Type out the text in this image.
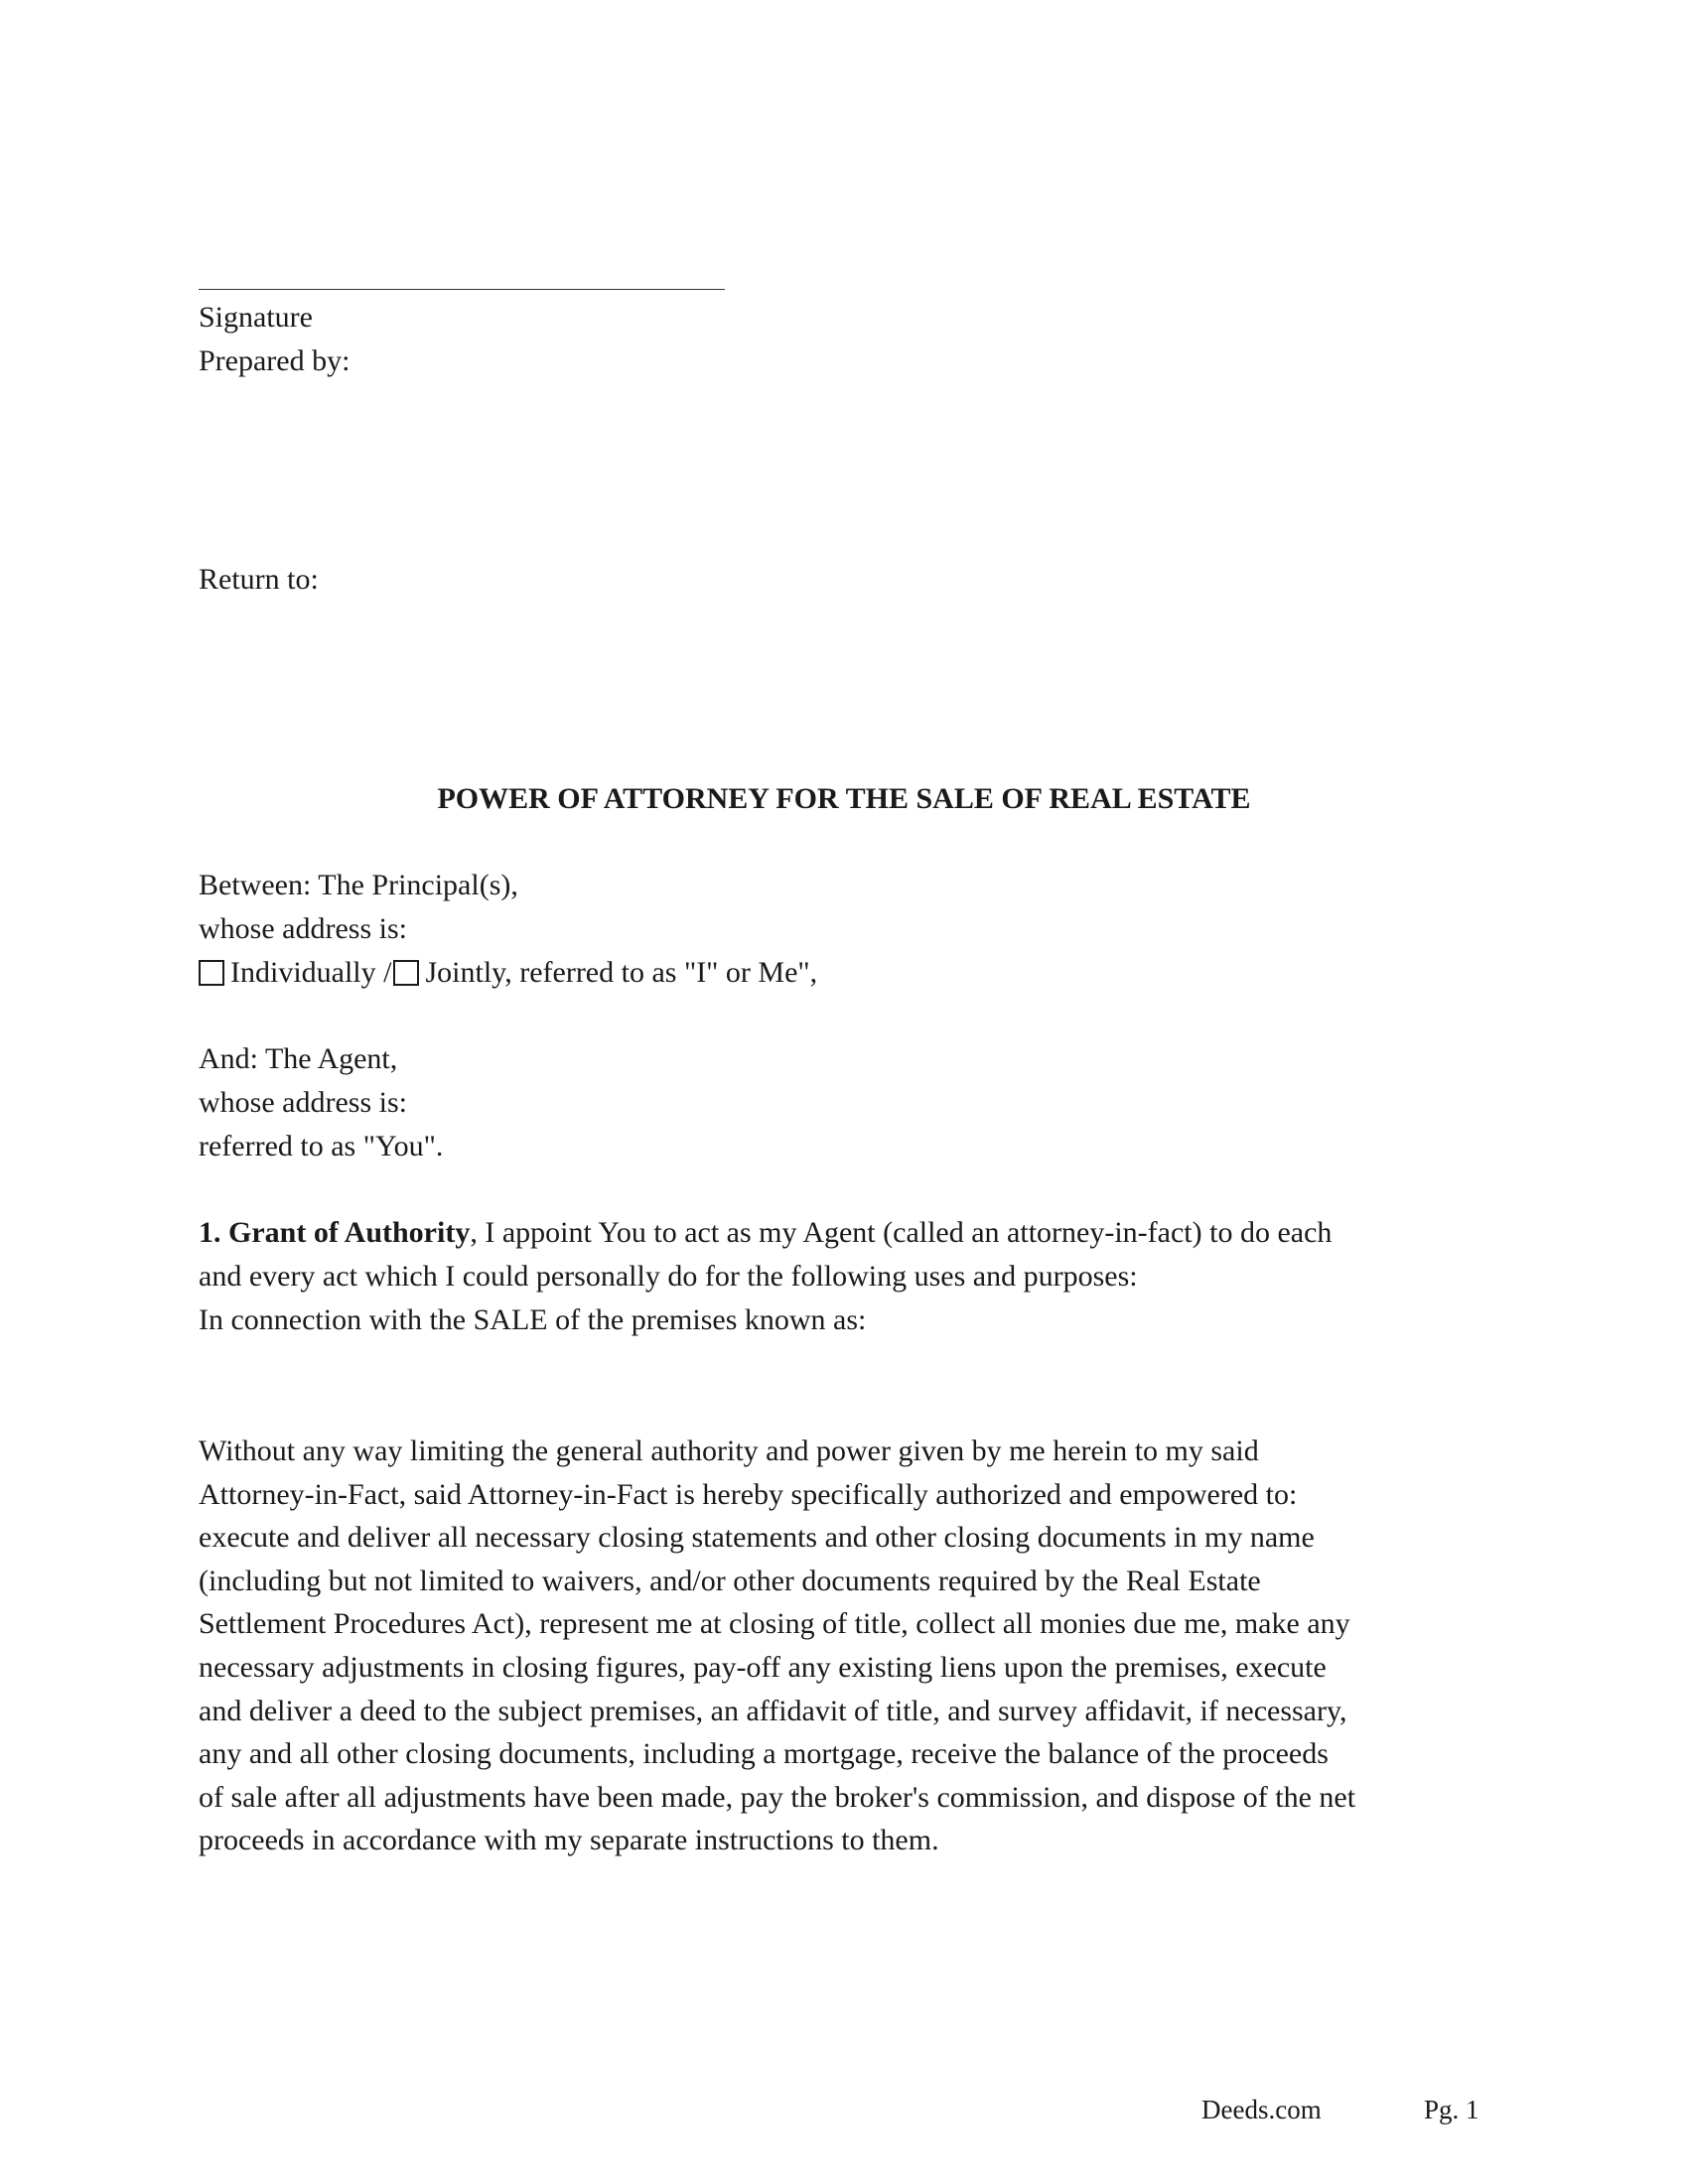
Signature
Prepared by:
Return to:
POWER OF ATTORNEY FOR THE SALE OF REAL ESTATE
Between: The Principal(s),
whose address is:
Individually / Jointly, referred to as "I" or Me",
And: The Agent,
whose address is:
referred to as "You".
1. Grant of Authority, I appoint You to act as my Agent (called an attorney-in-fact) to do each
and every act which I could personally do for the following uses and purposes:
In connection with the SALE of the premises known as:

Without any way limiting the general authority and power given by me herein to my said

Attorney-in-Fact, said Attorney-in-Fact is hereby specifically authorized and empowered to:

execute and deliver all necessary closing statements and other closing documents in my name

(including but not limited to waivers, and/or other documents required by the Real Estate

Settlement Procedures Act), represent me at closing of title, collect all monies due me, make any

necessary adjustments in closing figures, pay-off any existing liens upon the premises, execute

and deliver a deed to the subject premises, an affidavit of title, and survey affidavit, if necessary,

any and all other closing documents, including a mortgage, receive the balance of the proceeds

of sale after all adjustments have been made, pay the broker's commission, and dispose of the net

proceeds in accordance with my separate instructions to them.

Deeds.com	Pg. 1
